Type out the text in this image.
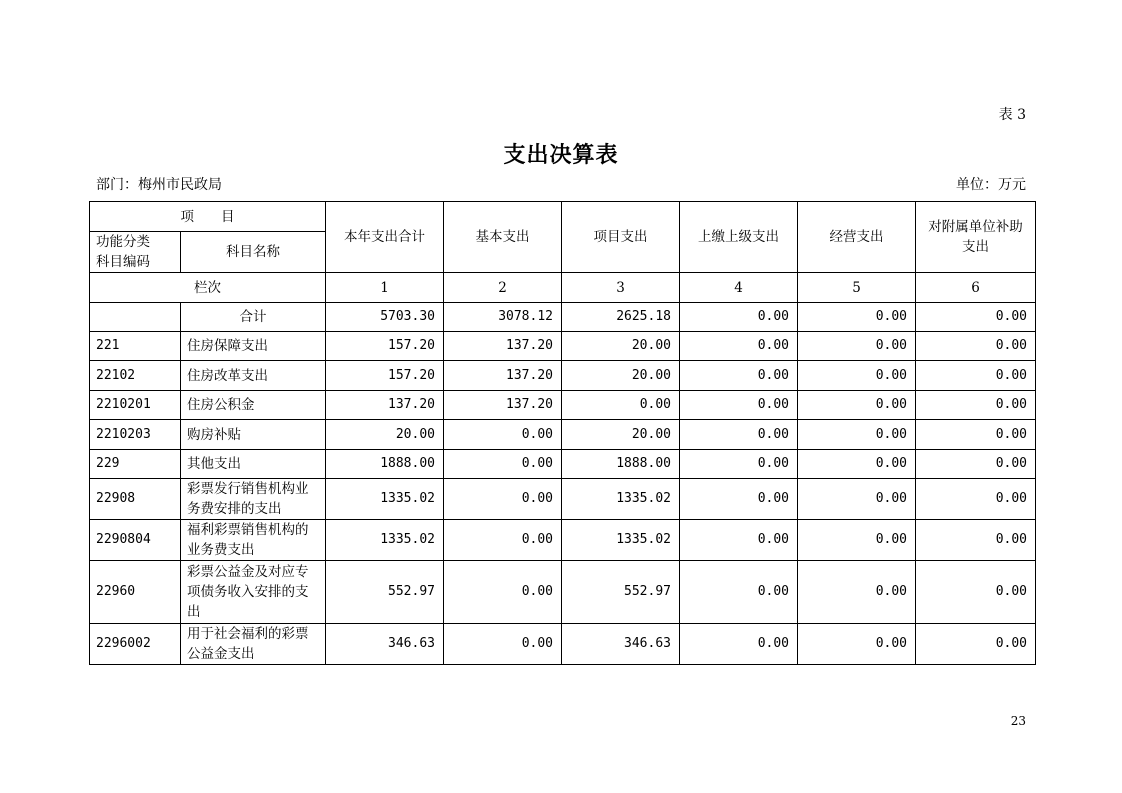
表 3
支出决算表
部门：梅州市民政局	单位：万元
项　　目		本年支出合计	基本支出	项目支出	上缴上级支出	经营支出	对附属单位补助
支出
功能分类
科目编码	科目名称						
栏次		1	2	3	4	5	6
	合计	5703.30	3078.12	2625.18	0.00	0.00	0.00
221	住房保障支出	157.20	137.20	20.00	0.00	0.00	0.00
22102	住房改革支出	157.20	137.20	20.00	0.00	0.00	0.00
2210201	住房公积金	137.20	137.20	0.00	0.00	0.00	0.00
2210203	购房补贴	20.00	0.00	20.00	0.00	0.00	0.00
229	其他支出	1888.00	0.00	1888.00	0.00	0.00	0.00
22908	彩票发行销售机构业务费安排的支出	1335.02	0.00	1335.02	0.00	0.00	0.00
2290804	福利彩票销售机构的业务费支出	1335.02	0.00	1335.02	0.00	0.00	0.00
22960	彩票公益金及对应专项债务收入安排的支出	552.97	0.00	552.97	0.00	0.00	0.00
2296002	用于社会福利的彩票公益金支出	346.63	0.00	346.63	0.00	0.00	0.00
23
